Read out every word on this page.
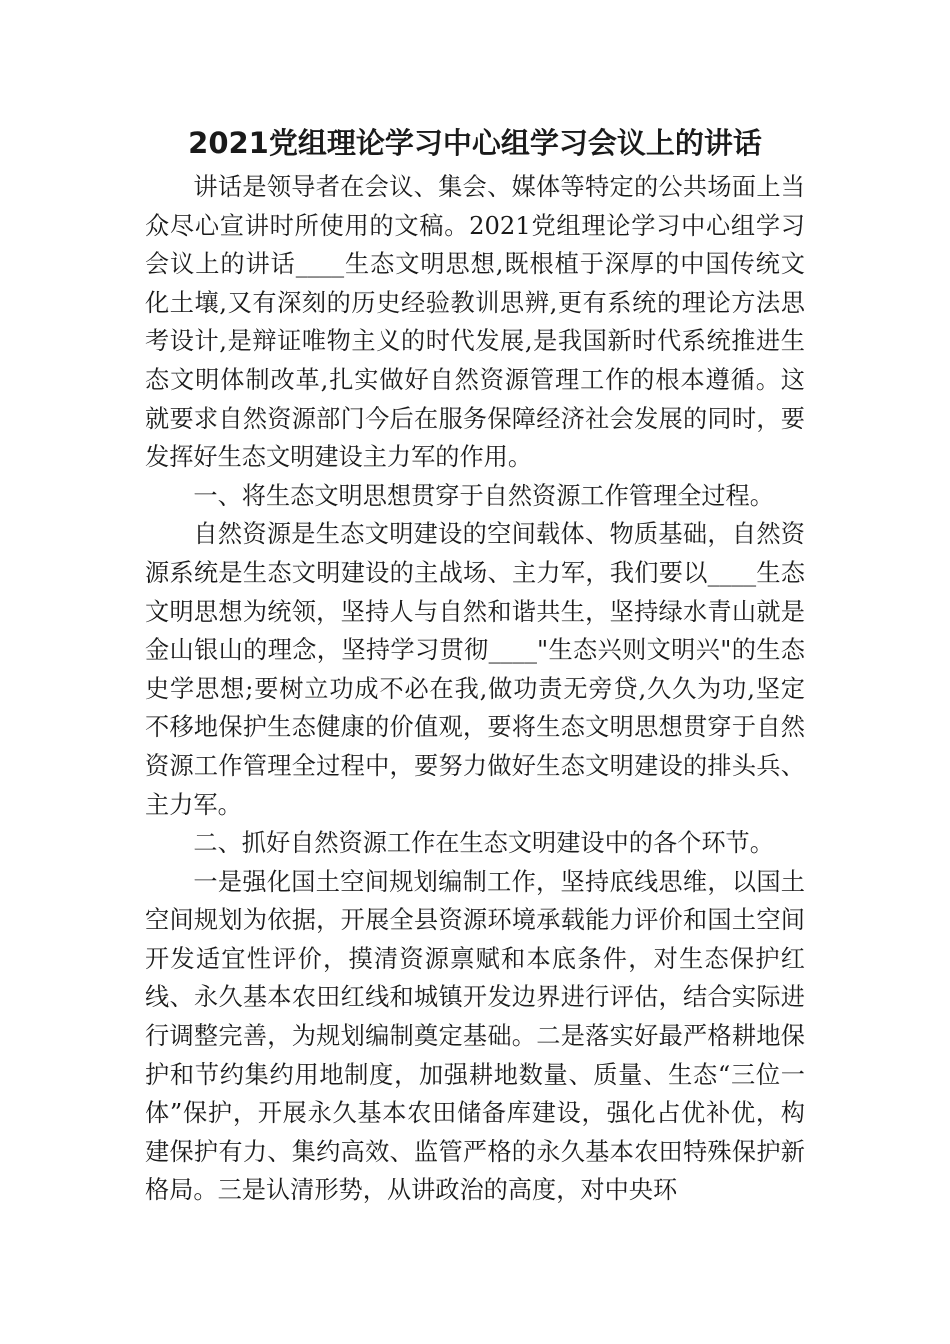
2021党组理论学习中心组学习会议上的讲话

讲话是领导者在会议、集会、媒体等特定的公共场面上当众尽心宣讲时所使用的文稿。2021党组理论学习中心组学习会议上的讲话____生态文明思想,既根植于深厚的中国传统文化土壤,又有深刻的历史经验教训思辨,更有系统的理论方法思考设计,是辩证唯物主义的时代发展,是我国新时代系统推进生态文明体制改革,扎实做好自然资源管理工作的根本遵循。这就要求自然资源部门今后在服务保障经济社会发展的同时，要发挥好生态文明建设主力军的作用。

一、将生态文明思想贯穿于自然资源工作管理全过程。

自然资源是生态文明建设的空间载体、物质基础，自然资源系统是生态文明建设的主战场、主力军，我们要以____生态文明思想为统领，坚持人与自然和谐共生，坚持绿水青山就是金山银山的理念，坚持学习贯彻____"生态兴则文明兴"的生态史学思想;要树立功成不必在我,做功责无旁贷,久久为功,坚定不移地保护生态健康的价值观，要将生态文明思想贯穿于自然资源工作管理全过程中，要努力做好生态文明建设的排头兵、主力军。

二、抓好自然资源工作在生态文明建设中的各个环节。

一是强化国土空间规划编制工作，坚持底线思维，以国土空间规划为依据，开展全县资源环境承载能力评价和国土空间开发适宜性评价，摸清资源禀赋和本底条件，对生态保护红线、永久基本农田红线和城镇开发边界进行评估，结合实际进行调整完善，为规划编制奠定基础。二是落实好最严格耕地保护和节约集约用地制度，加强耕地数量、质量、生态“三位一体”保护，开展永久基本农田储备库建设，强化占优补优，构建保护有力、集约高效、监管严格的永久基本农田特殊保护新格局。三是认清形势，从讲政治的高度，对中央环
